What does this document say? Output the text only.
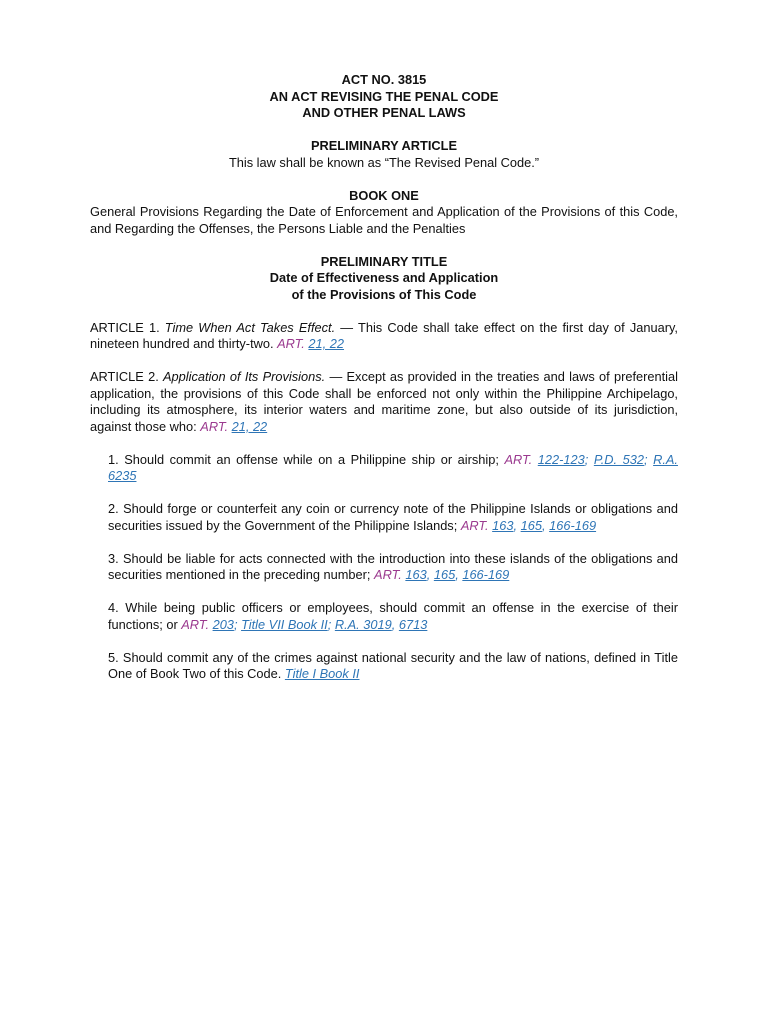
ACT NO. 3815

AN ACT REVISING THE PENAL CODE

AND OTHER PENAL LAWS

PRELIMINARY ARTICLE

This law shall be known as “The Revised Penal Code.”

BOOK ONE

General Provisions Regarding the Date of Enforcement and Application of the Provisions of this Code, and Regarding the Offenses, the Persons Liable and the Penalties

PRELIMINARY TITLE

Date of Effectiveness and Application

of the Provisions of This Code

ARTICLE 1. Time When Act Takes Effect. — This Code shall take effect on the first day of January, nineteen hundred and thirty-two. ART. 21, 22

ARTICLE 2. Application of Its Provisions. — Except as provided in the treaties and laws of preferential application, the provisions of this Code shall be enforced not only within the Philippine Archipelago, including its atmosphere, its interior waters and maritime zone, but also outside of its jurisdiction, against those who: ART. 21, 22

1. Should commit an offense while on a Philippine ship or airship; ART. 122-123; P.D. 532; R.A. 6235

2. Should forge or counterfeit any coin or currency note of the Philippine Islands or obligations and securities issued by the Government of the Philippine Islands; ART. 163, 165, 166-169

3. Should be liable for acts connected with the introduction into these islands of the obligations and securities mentioned in the preceding number; ART. 163, 165, 166-169

4. While being public officers or employees, should commit an offense in the exercise of their functions; or ART. 203; Title VII Book II; R.A. 3019, 6713

5. Should commit any of the crimes against national security and the law of nations, defined in Title One of Book Two of this Code. Title I Book II
